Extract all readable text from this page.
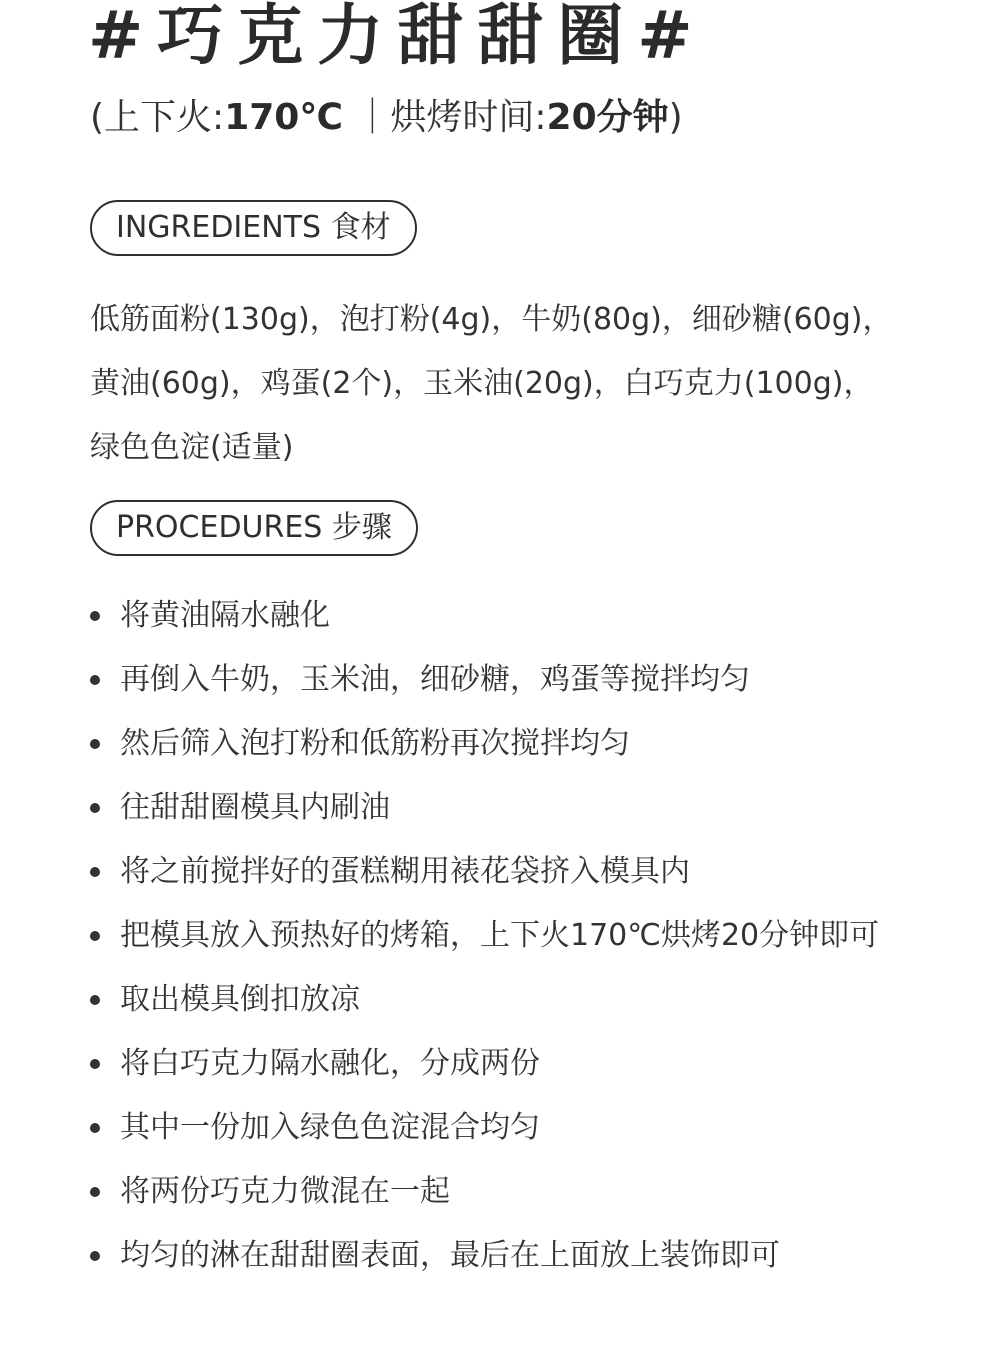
#巧克力甜甜圈#
(上下火:170℃ ｜烘烤时间:20分钟)
INGREDIENTS 食材
低筋面粉(130g)，泡打粉(4g)，牛奶(80g)，细砂糖(60g)，
黄油(60g)，鸡蛋(2个)，玉米油(20g)，白巧克力(100g)，
绿色色淀(适量)
PROCEDURES 步骤
将黄油隔水融化
再倒入牛奶，玉米油，细砂糖，鸡蛋等搅拌均匀
然后筛入泡打粉和低筋粉再次搅拌均匀
往甜甜圈模具内刷油
将之前搅拌好的蛋糕糊用裱花袋挤入模具内
把模具放入预热好的烤箱，上下火170℃烘烤20分钟即可
取出模具倒扣放凉
将白巧克力隔水融化，分成两份
其中一份加入绿色色淀混合均匀
将两份巧克力微混在一起
均匀的淋在甜甜圈表面，最后在上面放上装饰即可
